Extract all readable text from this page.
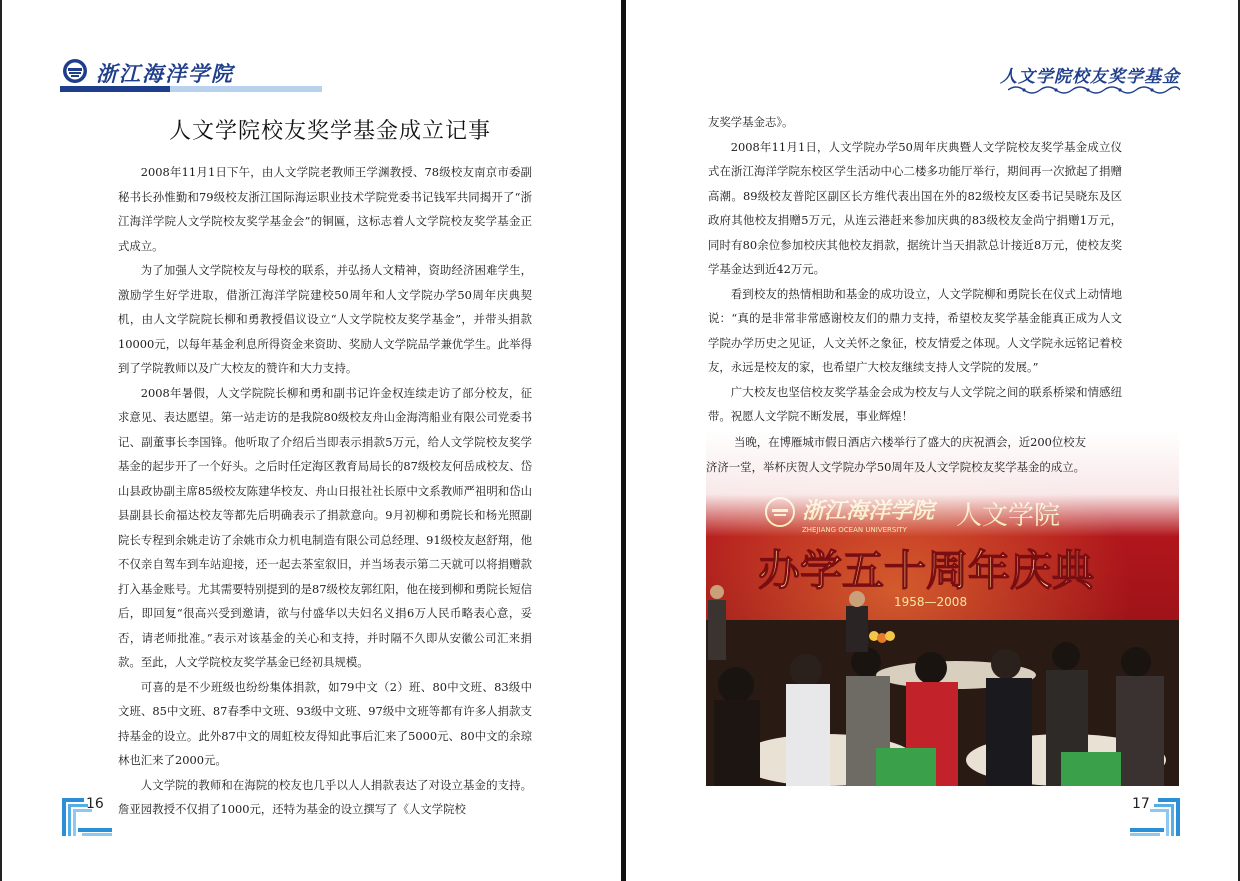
浙江海洋学院
人文学院校友奖学基金成立记事

2008年11月1日下午，由人文学院老教师王学渊教授、78级校友南京市委副秘书长孙惟勤和79级校友浙江国际海运职业技术学院党委书记钱军共同揭开了“浙江海洋学院人文学院校友奖学基金会”的铜匾，这标志着人文学院校友奖学基金正式成立。

为了加强人文学院校友与母校的联系，并弘扬人文精神，资助经济困难学生，激励学生好学进取，借浙江海洋学院建校50周年和人文学院办学50周年庆典契机，由人文学院院长柳和勇教授倡议设立“人文学院校友奖学基金”，并带头捐款10000元，以每年基金利息所得资金来资助、奖励人文学院品学兼优学生。此举得到了学院教师以及广大校友的赞许和大力支持。

2008年暑假，人文学院院长柳和勇和副书记许金权连续走访了部分校友，征求意见、表达愿望。第一站走访的是我院80级校友舟山金海湾船业有限公司党委书记、副董事长李国锋。他听取了介绍后当即表示捐款5万元，给人文学院校友奖学基金的起步开了一个好头。之后时任定海区教育局局长的87级校友何岳成校友、岱山县政协副主席85级校友陈建华校友、舟山日报社社长原中文系教师严祖明和岱山县副县长俞福达校友等都先后明确表示了捐款意向。9月初柳和勇院长和杨光照副院长专程到余姚走访了余姚市众力机电制造有限公司总经理、91级校友赵舒翔，他不仅亲自驾车到车站迎接，还一起去茶室叙旧，并当场表示第二天就可以将捐赠款打入基金账号。尤其需要特别提到的是87级校友郭红阳，他在接到柳和勇院长短信后，即回复“很高兴受到邀请，欲与付盛华以夫妇名义捐6万人民币略表心意，妥否，请老师批准。”表示对该基金的关心和支持，并时隔不久即从安徽公司汇来捐款。至此，人文学院校友奖学基金已经初具规模。

可喜的是不少班级也纷纷集体捐款，如79中文（2）班、80中文班、83级中文班、85中文班、87春季中文班、93级中文班、97级中文班等都有许多人捐款支持基金的设立。此外87中文的周虹校友得知此事后汇来了5000元、80中文的余琼林也汇来了2000元。

人文学院的教师和在海院的校友也几乎以人人捐款表达了对设立基金的支持。詹亚园教授不仅捐了1000元，还特为基金的设立撰写了《人文学院校

16
人文学院校友奖学基金

友奖学基金志》。

2008年11月1日，人文学院办学50周年庆典暨人文学院校友奖学基金成立仪式在浙江海洋学院东校区学生活动中心二楼多功能厅举行，期间再一次掀起了捐赠高潮。89级校友普陀区副区长方维代表出国在外的82级校友区委书记吴晓东及区政府其他校友捐赠5万元，从连云港赶来参加庆典的83级校友金尚宁捐赠1万元，同时有80余位参加校庆其他校友捐款，据统计当天捐款总计接近8万元，使校友奖学基金达到近42万元。

看到校友的热情相助和基金的成功设立，人文学院柳和勇院长在仪式上动情地说：“真的是非常非常感谢校友们的鼎力支持，希望校友奖学基金能真正成为人文学院办学历史之见证，人文关怀之象征，校友情爱之体现。人文学院永远铭记着校友，永远是校友的家，也希望广大校友继续支持人文学院的发展。”

广大校友也坚信校友奖学基金会成为校友与人文学院之间的联系桥梁和情感纽带。祝愿人文学院不断发展，事业辉煌！

当晚，在博雁城市假日酒店六楼举行了盛大的庆祝酒会，近200位校友
济济一堂，举杯庆贺人文学院办学50周年及人文学院校友奖学基金的成立。
17
